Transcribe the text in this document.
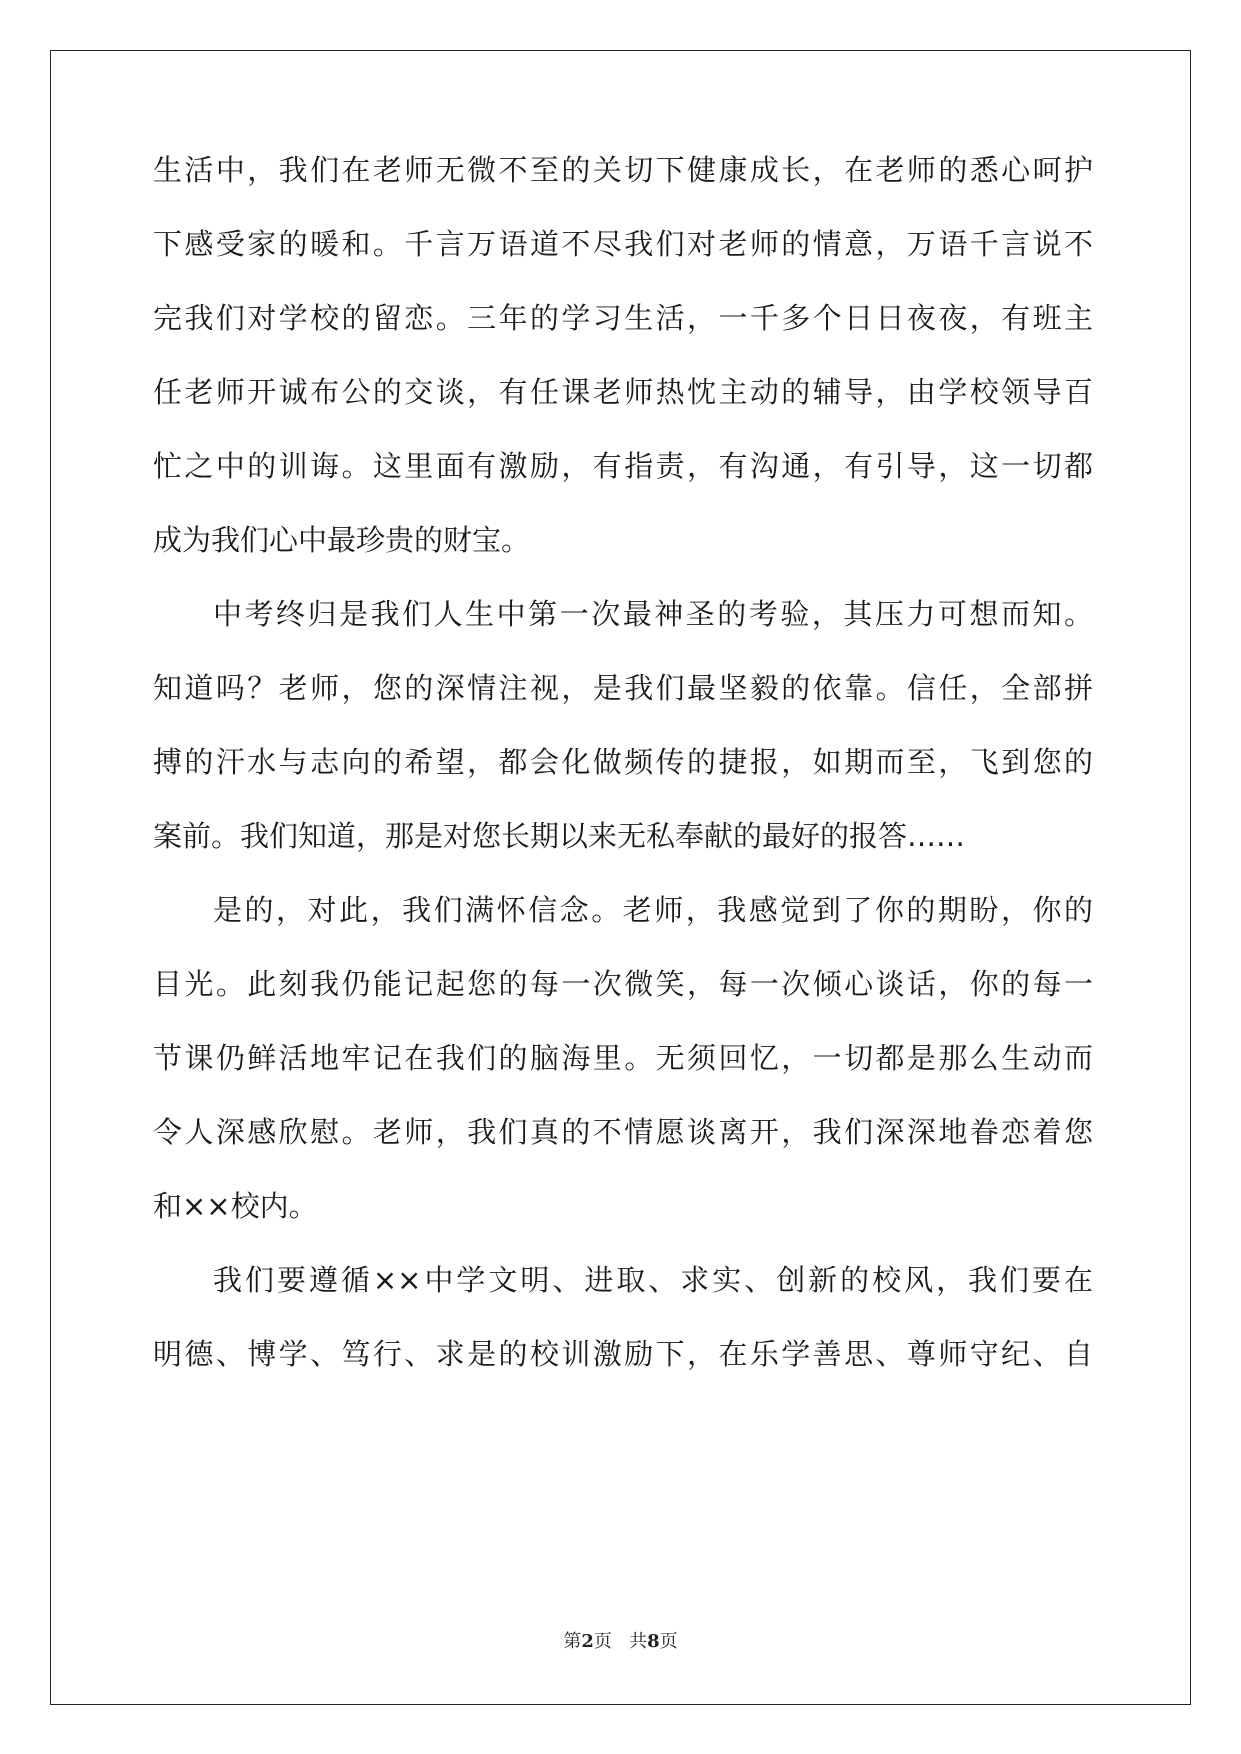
生活中，我们在老师无微不至的关切下健康成长，在老师的悉心呵护

下感受家的暖和。千言万语道不尽我们对老师的情意，万语千言说不

完我们对学校的留恋。三年的学习生活，一千多个日日夜夜，有班主

任老师开诚布公的交谈，有任课老师热忱主动的辅导，由学校领导百

忙之中的训诲。这里面有激励，有指责，有沟通，有引导，这一切都

成为我们心中最珍贵的财宝。

中考终归是我们人生中第一次最神圣的考验，其压力可想而知。

知道吗？老师，您的深情注视，是我们最坚毅的依靠。信任，全部拼

搏的汗水与志向的希望，都会化做频传的捷报，如期而至，飞到您的

案前。我们知道，那是对您长期以来无私奉献的最好的报答……

是的，对此，我们满怀信念。老师，我感觉到了你的期盼，你的

目光。此刻我仍能记起您的每一次微笑，每一次倾心谈话，你的每一

节课仍鲜活地牢记在我们的脑海里。无须回忆，一切都是那么生动而

令人深感欣慰。老师，我们真的不情愿谈离开，我们深深地眷恋着您

和××校内。

我们要遵循××中学文明、进取、求实、创新的校风，我们要在

明德、博学、笃行、求是的校训激励下，在乐学善思、尊师守纪、自

第2页   共8页
